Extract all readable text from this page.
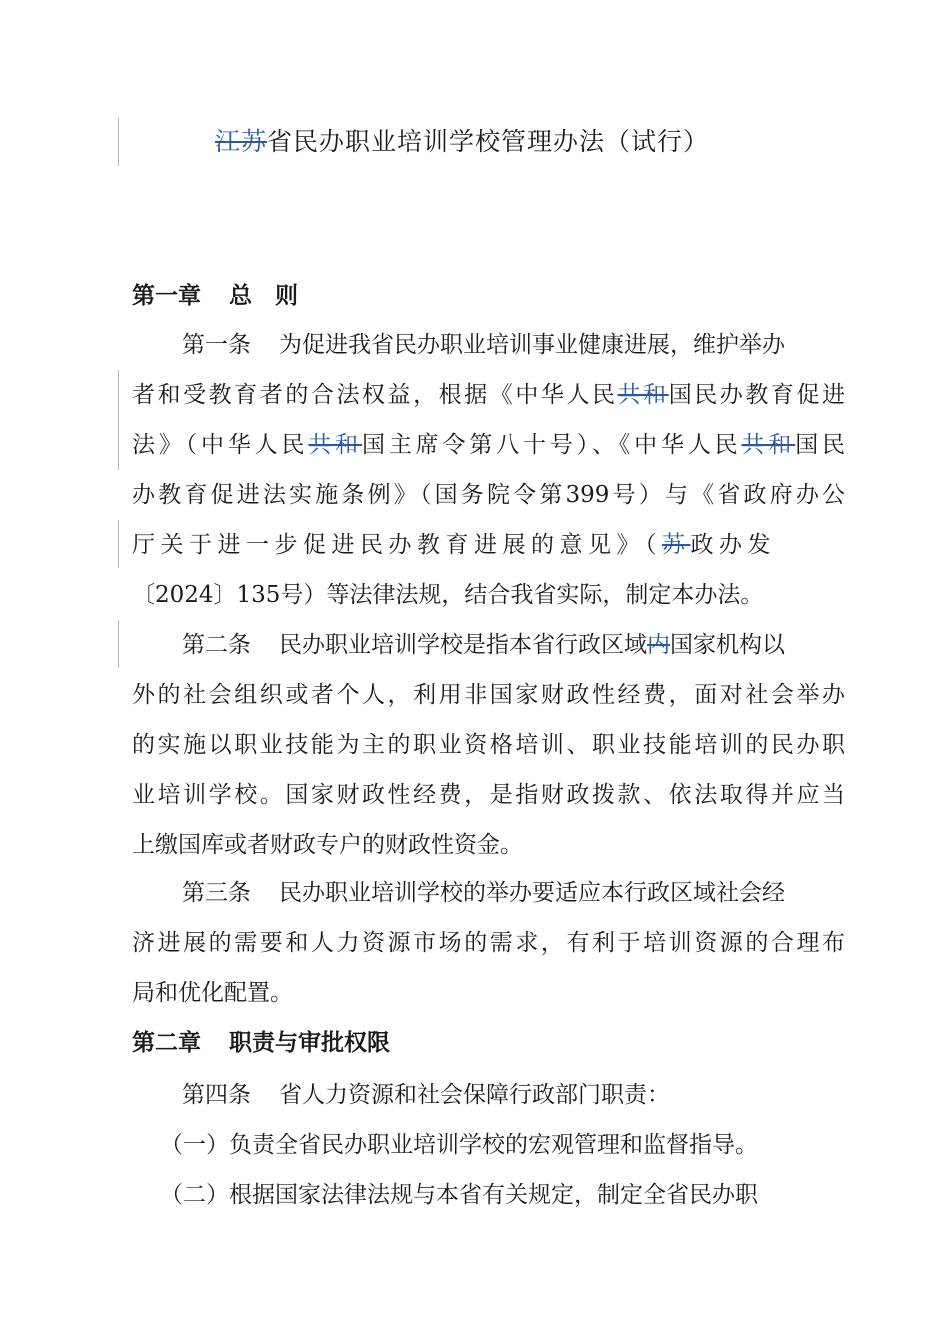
江苏省民办职业培训学校管理办法（试行）
第一章 总　则
第一条 为促进我省民办职业培训事业健康进展，维护举办
者和受教育者的合法权益，根据《中华人民共和国民办教育促进
法》（中华人民共和国主席令第八十号）、《中华人民共和国民
办教育促进法实施条例》（国务院令第399号）与《省政府办公
厅关于进一步促进民办教育进展的意见》（苏政办发
〔2024〕135号）等法律法规，结合我省实际，制定本办法。
第二条 民办职业培训学校是指本省行政区域内国家机构以
外的社会组织或者个人，利用非国家财政性经费，面对社会举办
的实施以职业技能为主的职业资格培训、职业技能培训的民办职
业培训学校。国家财政性经费，是指财政拨款、依法取得并应当
上缴国库或者财政专户的财政性资金。
第三条 民办职业培训学校的举办要适应本行政区域社会经
济进展的需要和人力资源市场的需求，有利于培训资源的合理布
局和优化配置。
第二章 职责与审批权限
第四条 省人力资源和社会保障行政部门职责：
（一）负责全省民办职业培训学校的宏观管理和监督指导。
（二）根据国家法律法规与本省有关规定，制定全省民办职
